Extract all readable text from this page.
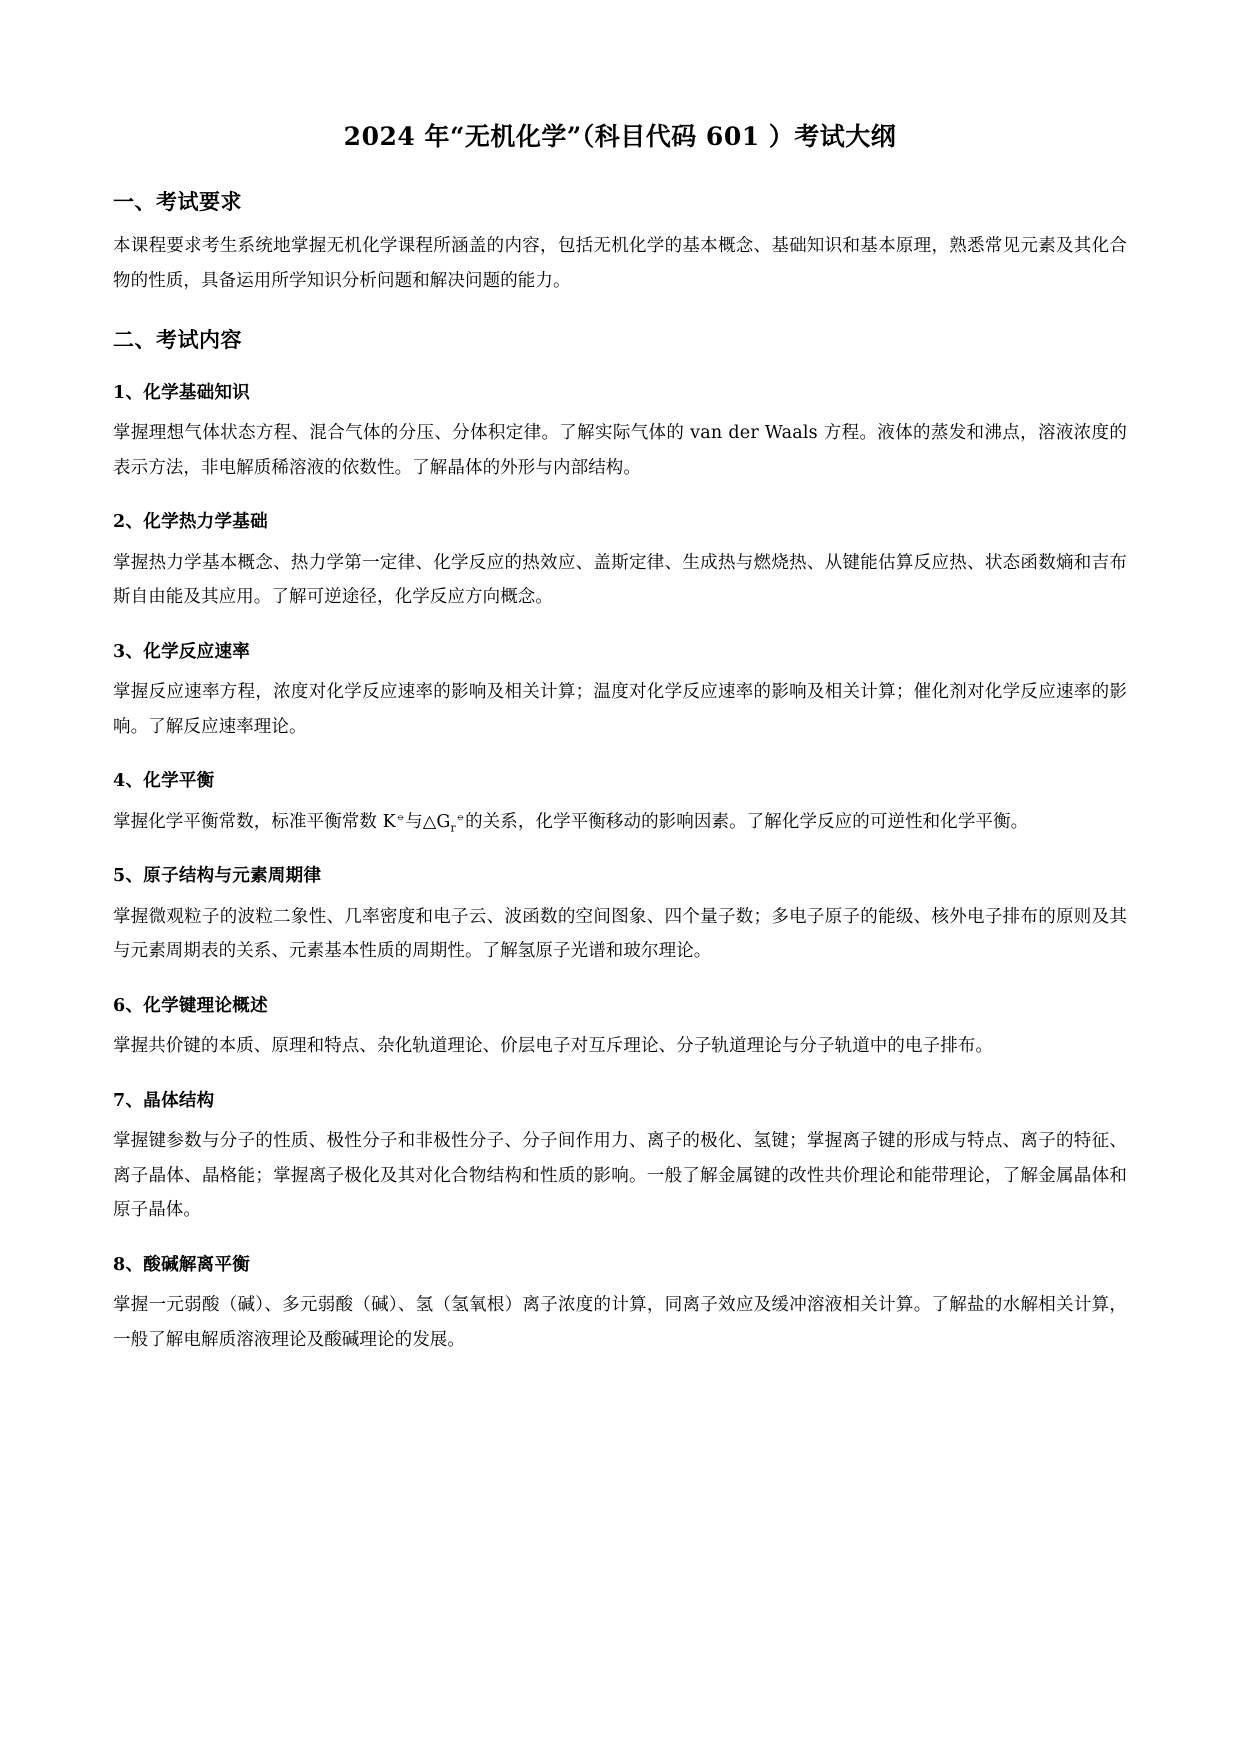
2024 年“无机化学”（科目代码 601 ）考试大纲
一、考试要求

本课程要求考生系统地掌握无机化学课程所涵盖的内容，包括无机化学的基本概念、基础知识和基本原理，熟悉常见元素及其化合物的性质，具备运用所学知识分析问题和解决问题的能力。

二、考试内容
1、化学基础知识

掌握理想气体状态方程、混合气体的分压、分体积定律。了解实际气体的 van der Waals 方程。液体的蒸发和沸点，溶液浓度的表示方法，非电解质稀溶液的依数性。了解晶体的外形与内部结构。

2、化学热力学基础

掌握热力学基本概念、热力学第一定律、化学反应的热效应、盖斯定律、生成热与燃烧热、从键能估算反应热、状态函数熵和吉布斯自由能及其应用。了解可逆途径，化学反应方向概念。

3、化学反应速率

掌握反应速率方程，浓度对化学反应速率的影响及相关计算；温度对化学反应速率的影响及相关计算；催化剂对化学反应速率的影响。了解反应速率理论。

4、化学平衡

掌握化学平衡常数，标准平衡常数 K⦵与$\triangle G_r^⦵$的关系，化学平衡移动的影响因素。了解化学反应的可逆性和化学平衡。

5、原子结构与元素周期律

掌握微观粒子的波粒二象性、几率密度和电子云、波函数的空间图象、四个量子数；多电子原子的能级、核外电子排布的原则及其与元素周期表的关系、元素基本性质的周期性。了解氢原子光谱和玻尔理论。

6、化学键理论概述

掌握共价键的本质、原理和特点、杂化轨道理论、价层电子对互斥理论、分子轨道理论与分子轨道中的电子排布。

7、晶体结构

掌握键参数与分子的性质、极性分子和非极性分子、分子间作用力、离子的极化、氢键；掌握离子键的形成与特点、离子的特征、离子晶体、晶格能；掌握离子极化及其对化合物结构和性质的影响。一般了解金属键的改性共价理论和能带理论，了解金属晶体和原子晶体。

8、酸碱解离平衡

掌握一元弱酸（碱）、多元弱酸（碱）、氢（氢氧根）离子浓度的计算，同离子效应及缓冲溶液相关计算。了解盐的水解相关计算，一般了解电解质溶液理论及酸碱理论的发展。
